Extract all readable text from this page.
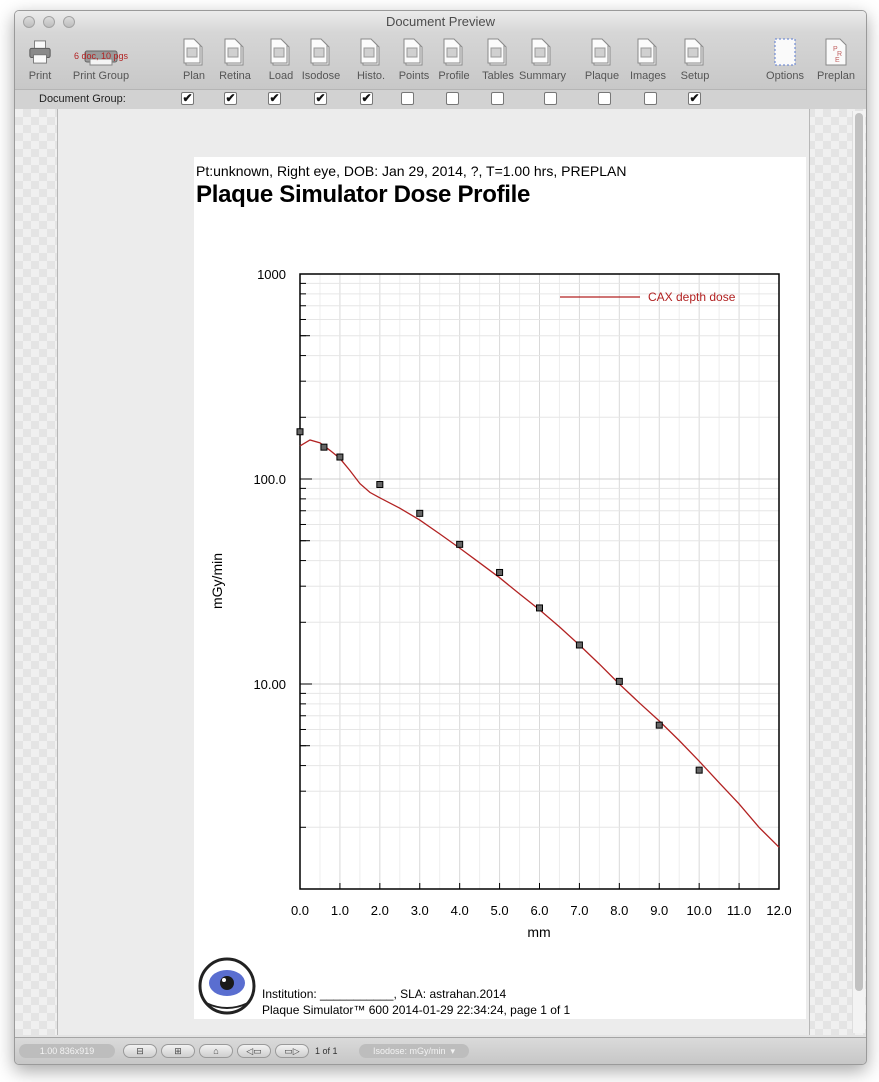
Document Preview
Print
6 doc, 10 pgs
Print Group	Plan	Retina	Load Isodose	Histo.	Points Profile	Tables Summary	Plaque Images	Setup	Options
P
R
E
Preplan
Document Group:	✔	✔	✔	✔	✔	✔
Pt:unknown, Right eye, DOB: Jan 29, 2014, ?, T=1.00 hrs, PREPLAN
Plaque Simulator Dose Profile
0.0 1.0 2.0 3.0 4.0 5.0 6.0 7.0 8.0 9.0 10.0 11.0 12.0
10.00
100.0
1000
CAX depth dose
mm
mGy/min
Institution: ___________, SLA: astrahan.2014
Plaque Simulator™ 600 2014-01-29 22:34:24, page 1 of 1
1.00 836x919	⊟	⊞	⌂	◁▭	▭▷	1 of 1	Isodose: mGy/min  ▾
